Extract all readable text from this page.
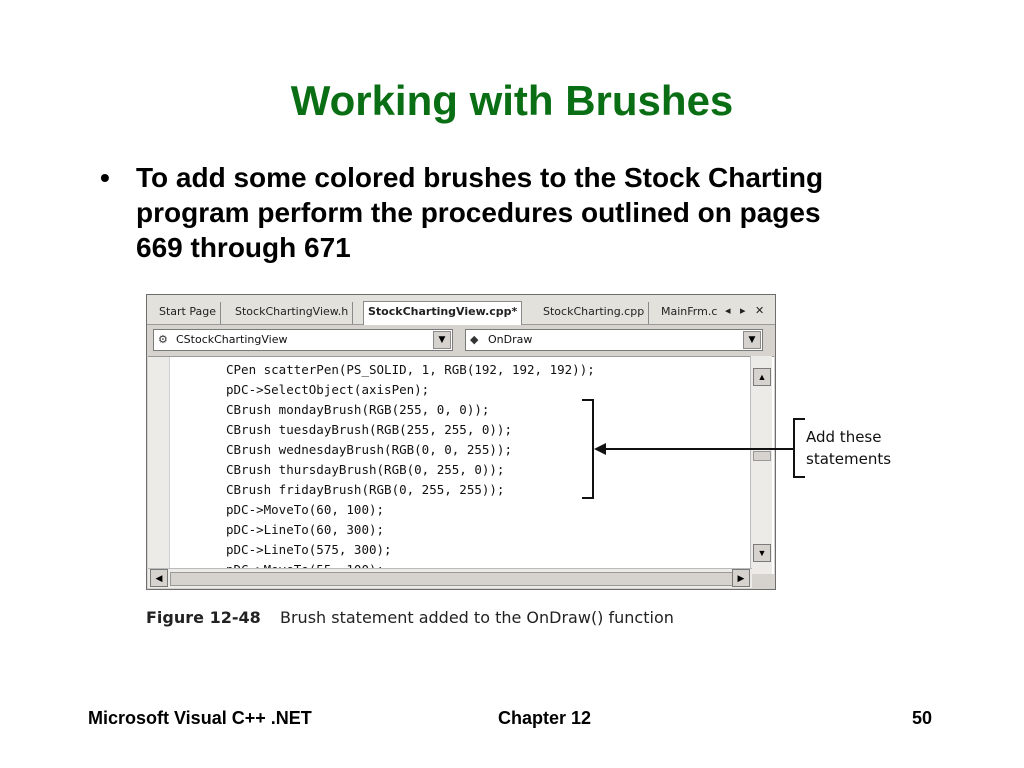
Working with Brushes
• To add some colored brushes to the Stock Charting program perform the procedures outlined on pages 669 through 671
Start Page	StockChartingView.h	StockChartingView.cpp*	StockCharting.cpp	MainFrm.c ◂ ▸ ✕
⚙ CStockChartingView	▼	◆ OnDraw	▼
CPen scatterPen(PS_SOLID, 1, RGB(192, 192, 192));
pDC->SelectObject(axisPen);
CBrush mondayBrush(RGB(255, 0, 0));
CBrush tuesdayBrush(RGB(255, 255, 0));
CBrush wednesdayBrush(RGB(0, 0, 255));
CBrush thursdayBrush(RGB(0, 255, 0));
CBrush fridayBrush(RGB(0, 255, 255));
pDC->MoveTo(60, 100);
pDC->LineTo(60, 300);
pDC->LineTo(575, 300);
▲
▼
◀	▶
Add these
statements
Figure 12-48 Brush statement added to the OnDraw() function
Microsoft Visual C++ .NET	Chapter 12	50
